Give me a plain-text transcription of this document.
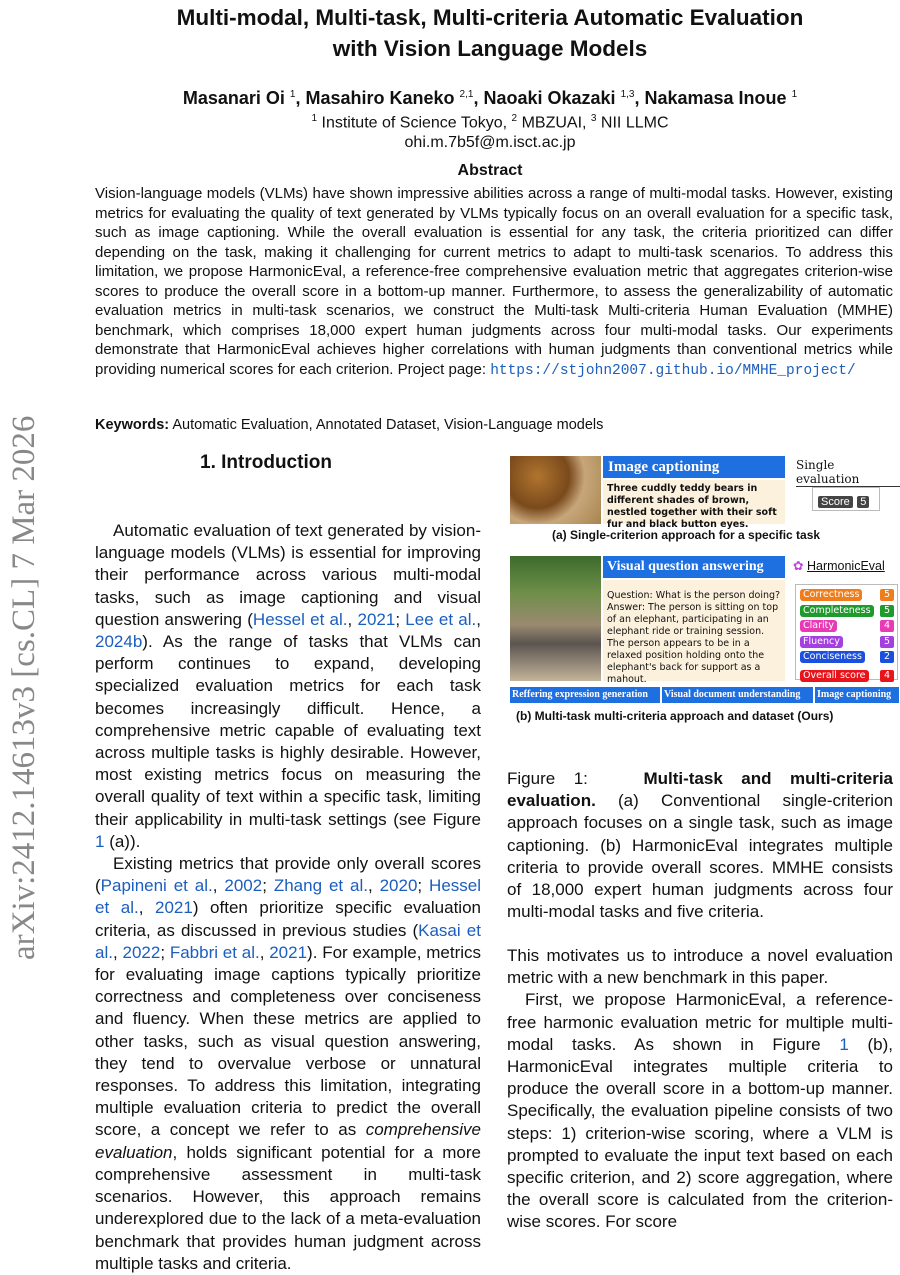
Multi-modal, Multi-task, Multi-criteria Automatic Evaluation
with Vision Language Models
Masanari Oi $^1$, Masahiro Kaneko $^{2,1}$, Naoaki Okazaki $^{1,3}$, Nakamasa Inoue $^1$
$^1$ Institute of Science Tokyo, $^2$ MBZUAI, $^3$ NII LLMC
ohi.m.7b5f@m.isct.ac.jp
Abstract
Vision-language models (VLMs) have shown impressive abilities across a range of multi-modal tasks. However, existing metrics for evaluating the quality of text generated by VLMs typically focus on an overall evaluation for a specific task, such as image captioning. While the overall evaluation is essential for any task, the criteria prioritized can differ depending on the task, making it challenging for current metrics to adapt to multi-task scenarios. To address this limitation, we propose HarmonicEval, a reference-free comprehensive evaluation metric that aggregates criterion-wise scores to produce the overall score in a bottom-up manner. Furthermore, to assess the generalizability of automatic evaluation metrics in multi-task scenarios, we construct the Multi-task Multi-criteria Human Evaluation (MMHE) benchmark, which comprises 18,000 expert human judgments across four multi-modal tasks. Our experiments demonstrate that HarmonicEval achieves higher correlations with human judgments than conventional metrics while providing numerical scores for each criterion. Project page: https://stjohn2007.github.io/MMHE_project/
Keywords: Automatic Evaluation, Annotated Dataset, Vision-Language models
arXiv:2412.14613v3 [cs.CL] 7 Mar 2026	1. Introduction

Automatic evaluation of text generated by vision-language models (VLMs) is essential for improving their performance across various multi-modal tasks, such as image captioning and visual question answering (Hessel et al., 2021; Lee et al., 2024b). As the range of tasks that VLMs can perform continues to expand, developing specialized evaluation metrics for each task becomes increasingly difficult. Hence, a comprehensive metric capable of evaluating text across multiple tasks is highly desirable. However, most existing metrics focus on measuring the overall quality of text within a specific task, limiting their applicability in multi-task settings (see Figure 1 (a)).

Existing metrics that provide only overall scores (Papineni et al., 2002; Zhang et al., 2020; Hessel et al., 2021) often prioritize specific evaluation criteria, as discussed in previous studies (Kasai et al., 2022; Fabbri et al., 2021). For example, metrics for evaluating image captions typically prioritize correctness and completeness over conciseness and fluency. When these metrics are applied to other tasks, such as visual question answering, they tend to overvalue verbose or unnatural responses. To address this limitation, integrating multiple evaluation criteria to predict the overall score, a concept we refer to as comprehensive evaluation, holds significant potential for a more comprehensive assessment in multi-task scenarios. However, this approach remains underexplored due to the lack of a meta-evaluation benchmark that provides human judgment across multiple tasks and criteria.

Image captioning
Three cuddly teddy bears in different shades of brown, nestled together with their soft fur and black button eyes.
Single evaluation
Score 5
(a) Single-criterion approach for a specific task
Visual question answering
Question: What is the person doing? Answer: The person is sitting on top of an elephant, participating in an elephant ride or training session. The person appears to be in a relaxed position holding onto the elephant's back for support as a mahout.
✿ HarmonicEval
Correctness	5
Completeness	5
Clarity	4
Fluency	5
Conciseness	2
Overall score	4
Reffering expression generation	Visual document understanding	Image captioning
(b) Multi-task multi-criteria approach and dataset (Ours)
Figure 1:	Multi-task and multi-criteria evaluation. (a) Conventional single-criterion approach focuses on a single task, such as image captioning. (b) HarmonicEval integrates multiple criteria to provide overall scores. MMHE consists of 18,000 expert human judgments across four multi-modal tasks and five criteria.

This motivates us to introduce a novel evaluation metric with a new benchmark in this paper.

First, we propose HarmonicEval, a reference-free harmonic evaluation metric for multiple multi-modal tasks. As shown in Figure 1 (b), HarmonicEval integrates multiple criteria to produce the overall score in a bottom-up manner. Specifically, the evaluation pipeline consists of two steps: 1) criterion-wise scoring, where a VLM is prompted to evaluate the input text based on each specific criterion, and 2) score aggregation, where the overall score is calculated from the criterion-wise scores. For score
